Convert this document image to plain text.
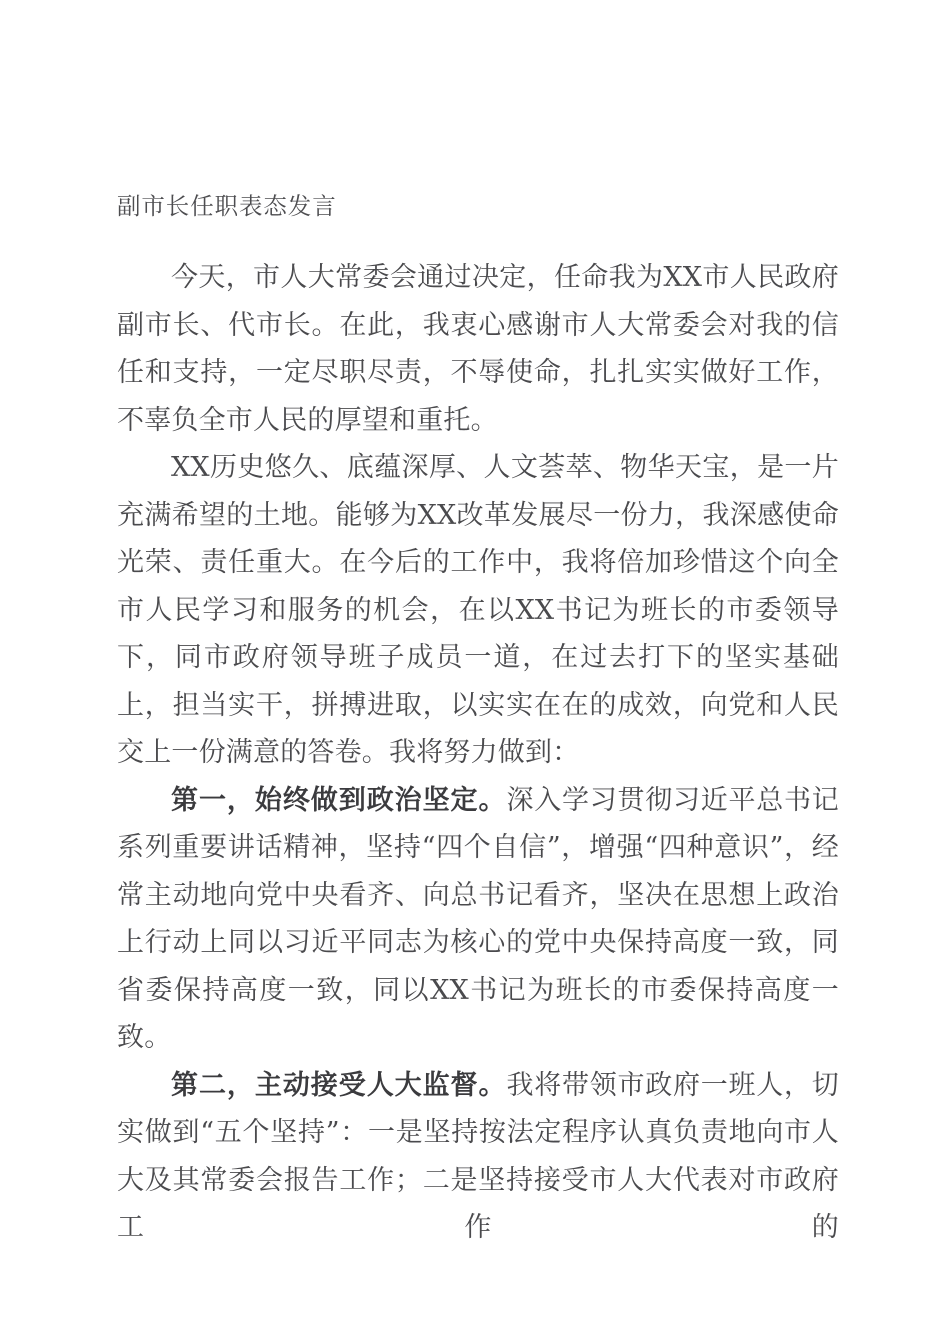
副市长任职表态发言

今天，市人大常委会通过决定，任命我为XX市人民政府副市长、代市长。在此，我衷心感谢市人大常委会对我的信任和支持，一定尽职尽责，不辱使命，扎扎实实做好工作，不辜负全市人民的厚望和重托。

XX历史悠久、底蕴深厚、人文荟萃、物华天宝，是一片充满希望的土地。能够为XX改革发展尽一份力，我深感使命光荣、责任重大。在今后的工作中，我将倍加珍惜这个向全市人民学习和服务的机会，在以XX书记为班长的市委领导下，同市政府领导班子成员一道，在过去打下的坚实基础上，担当实干，拼搏进取，以实实在在的成效，向党和人民交上一份满意的答卷。我将努力做到：

第一，始终做到政治坚定。深入学习贯彻习近平总书记系列重要讲话精神，坚持“四个自信”，增强“四种意识”，经常主动地向党中央看齐、向总书记看齐，坚决在思想上政治上行动上同以习近平同志为核心的党中央保持高度一致，同省委保持高度一致，同以XX书记为班长的市委保持高度一致。

第二，主动接受人大监督。我将带领市政府一班人，切实做到“五个坚持”：一是坚持按法定程序认真负责地向市人大及其常委会报告工作；二是坚持接受市人大代表对市政府工作的
